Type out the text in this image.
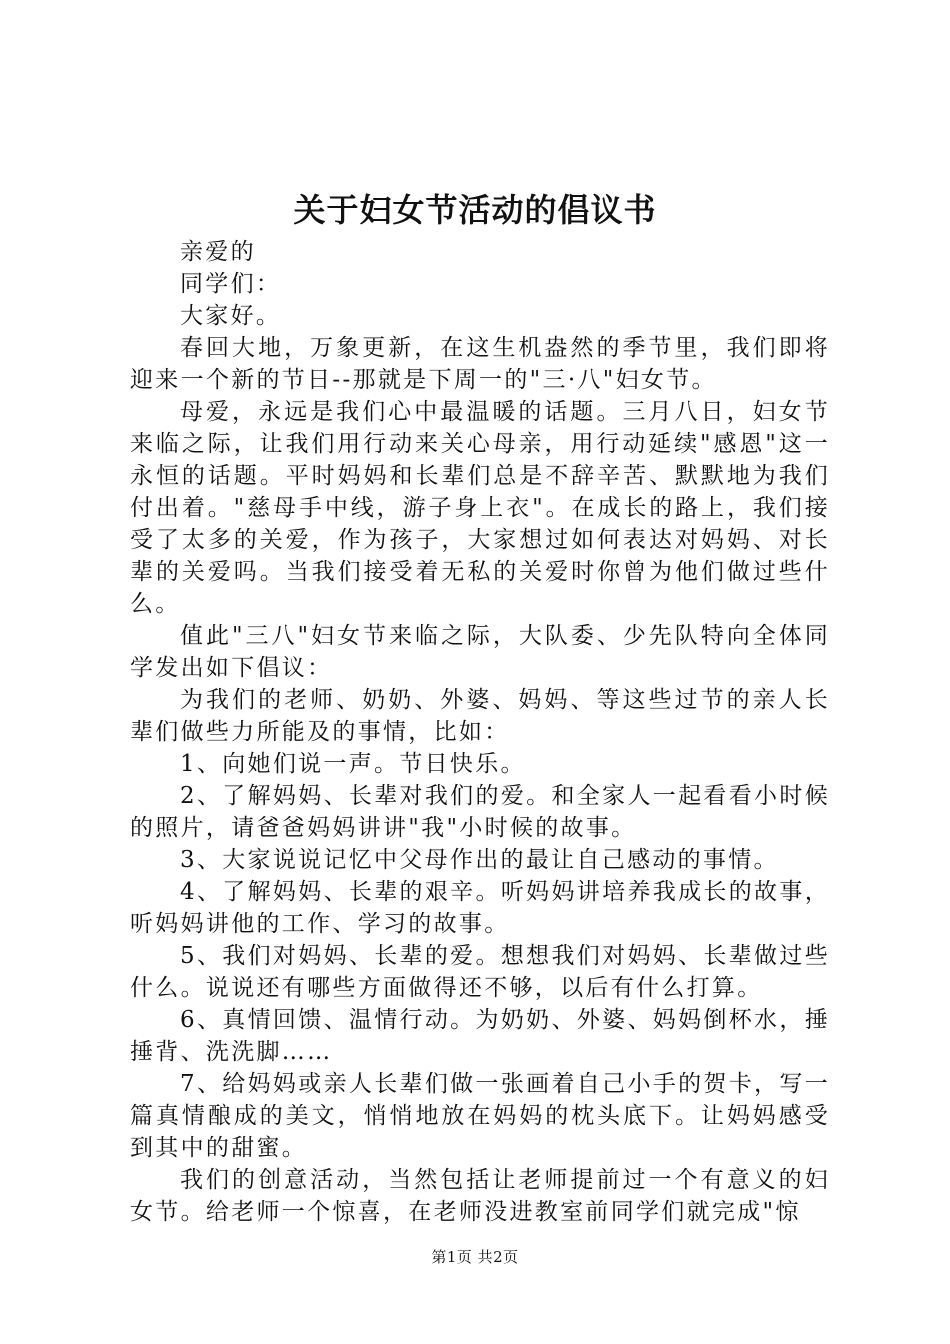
关于妇女节活动的倡议书

亲爱的

同学们：

大家好。

春回大地，万象更新，在这生机盎然的季节里，我们即将迎来一个新的节日--那就是下周一的"三·八"妇女节。

母爱，永远是我们心中最温暖的话题。三月八日，妇女节来临之际，让我们用行动来关心母亲，用行动延续"感恩"这一永恒的话题。平时妈妈和长辈们总是不辞辛苦、默默地为我们付出着。"慈母手中线，游子身上衣"。在成长的路上，我们接受了太多的关爱，作为孩子，大家想过如何表达对妈妈、对长辈的关爱吗。当我们接受着无私的关爱时你曾为他们做过些什么。

值此"三八"妇女节来临之际，大队委、少先队特向全体同学发出如下倡议：

为我们的老师、奶奶、外婆、妈妈、等这些过节的亲人长辈们做些力所能及的事情，比如：

1、向她们说一声。节日快乐。

2、了解妈妈、长辈对我们的爱。和全家人一起看看小时候的照片，请爸爸妈妈讲讲"我"小时候的故事。

3、大家说说记忆中父母作出的最让自己感动的事情。

4、了解妈妈、长辈的艰辛。听妈妈讲培养我成长的故事，听妈妈讲他的工作、学习的故事。

5、我们对妈妈、长辈的爱。想想我们对妈妈、长辈做过些什么。说说还有哪些方面做得还不够，以后有什么打算。

6、真情回馈、温情行动。为奶奶、外婆、妈妈倒杯水，捶捶背、洗洗脚……

7、给妈妈或亲人长辈们做一张画着自己小手的贺卡，写一篇真情酿成的美文，悄悄地放在妈妈的枕头底下。让妈妈感受到其中的甜蜜。

我们的创意活动，当然包括让老师提前过一个有意义的妇女节。给老师一个惊喜，在老师没进教室前同学们就完成"惊

第1页 共2页
